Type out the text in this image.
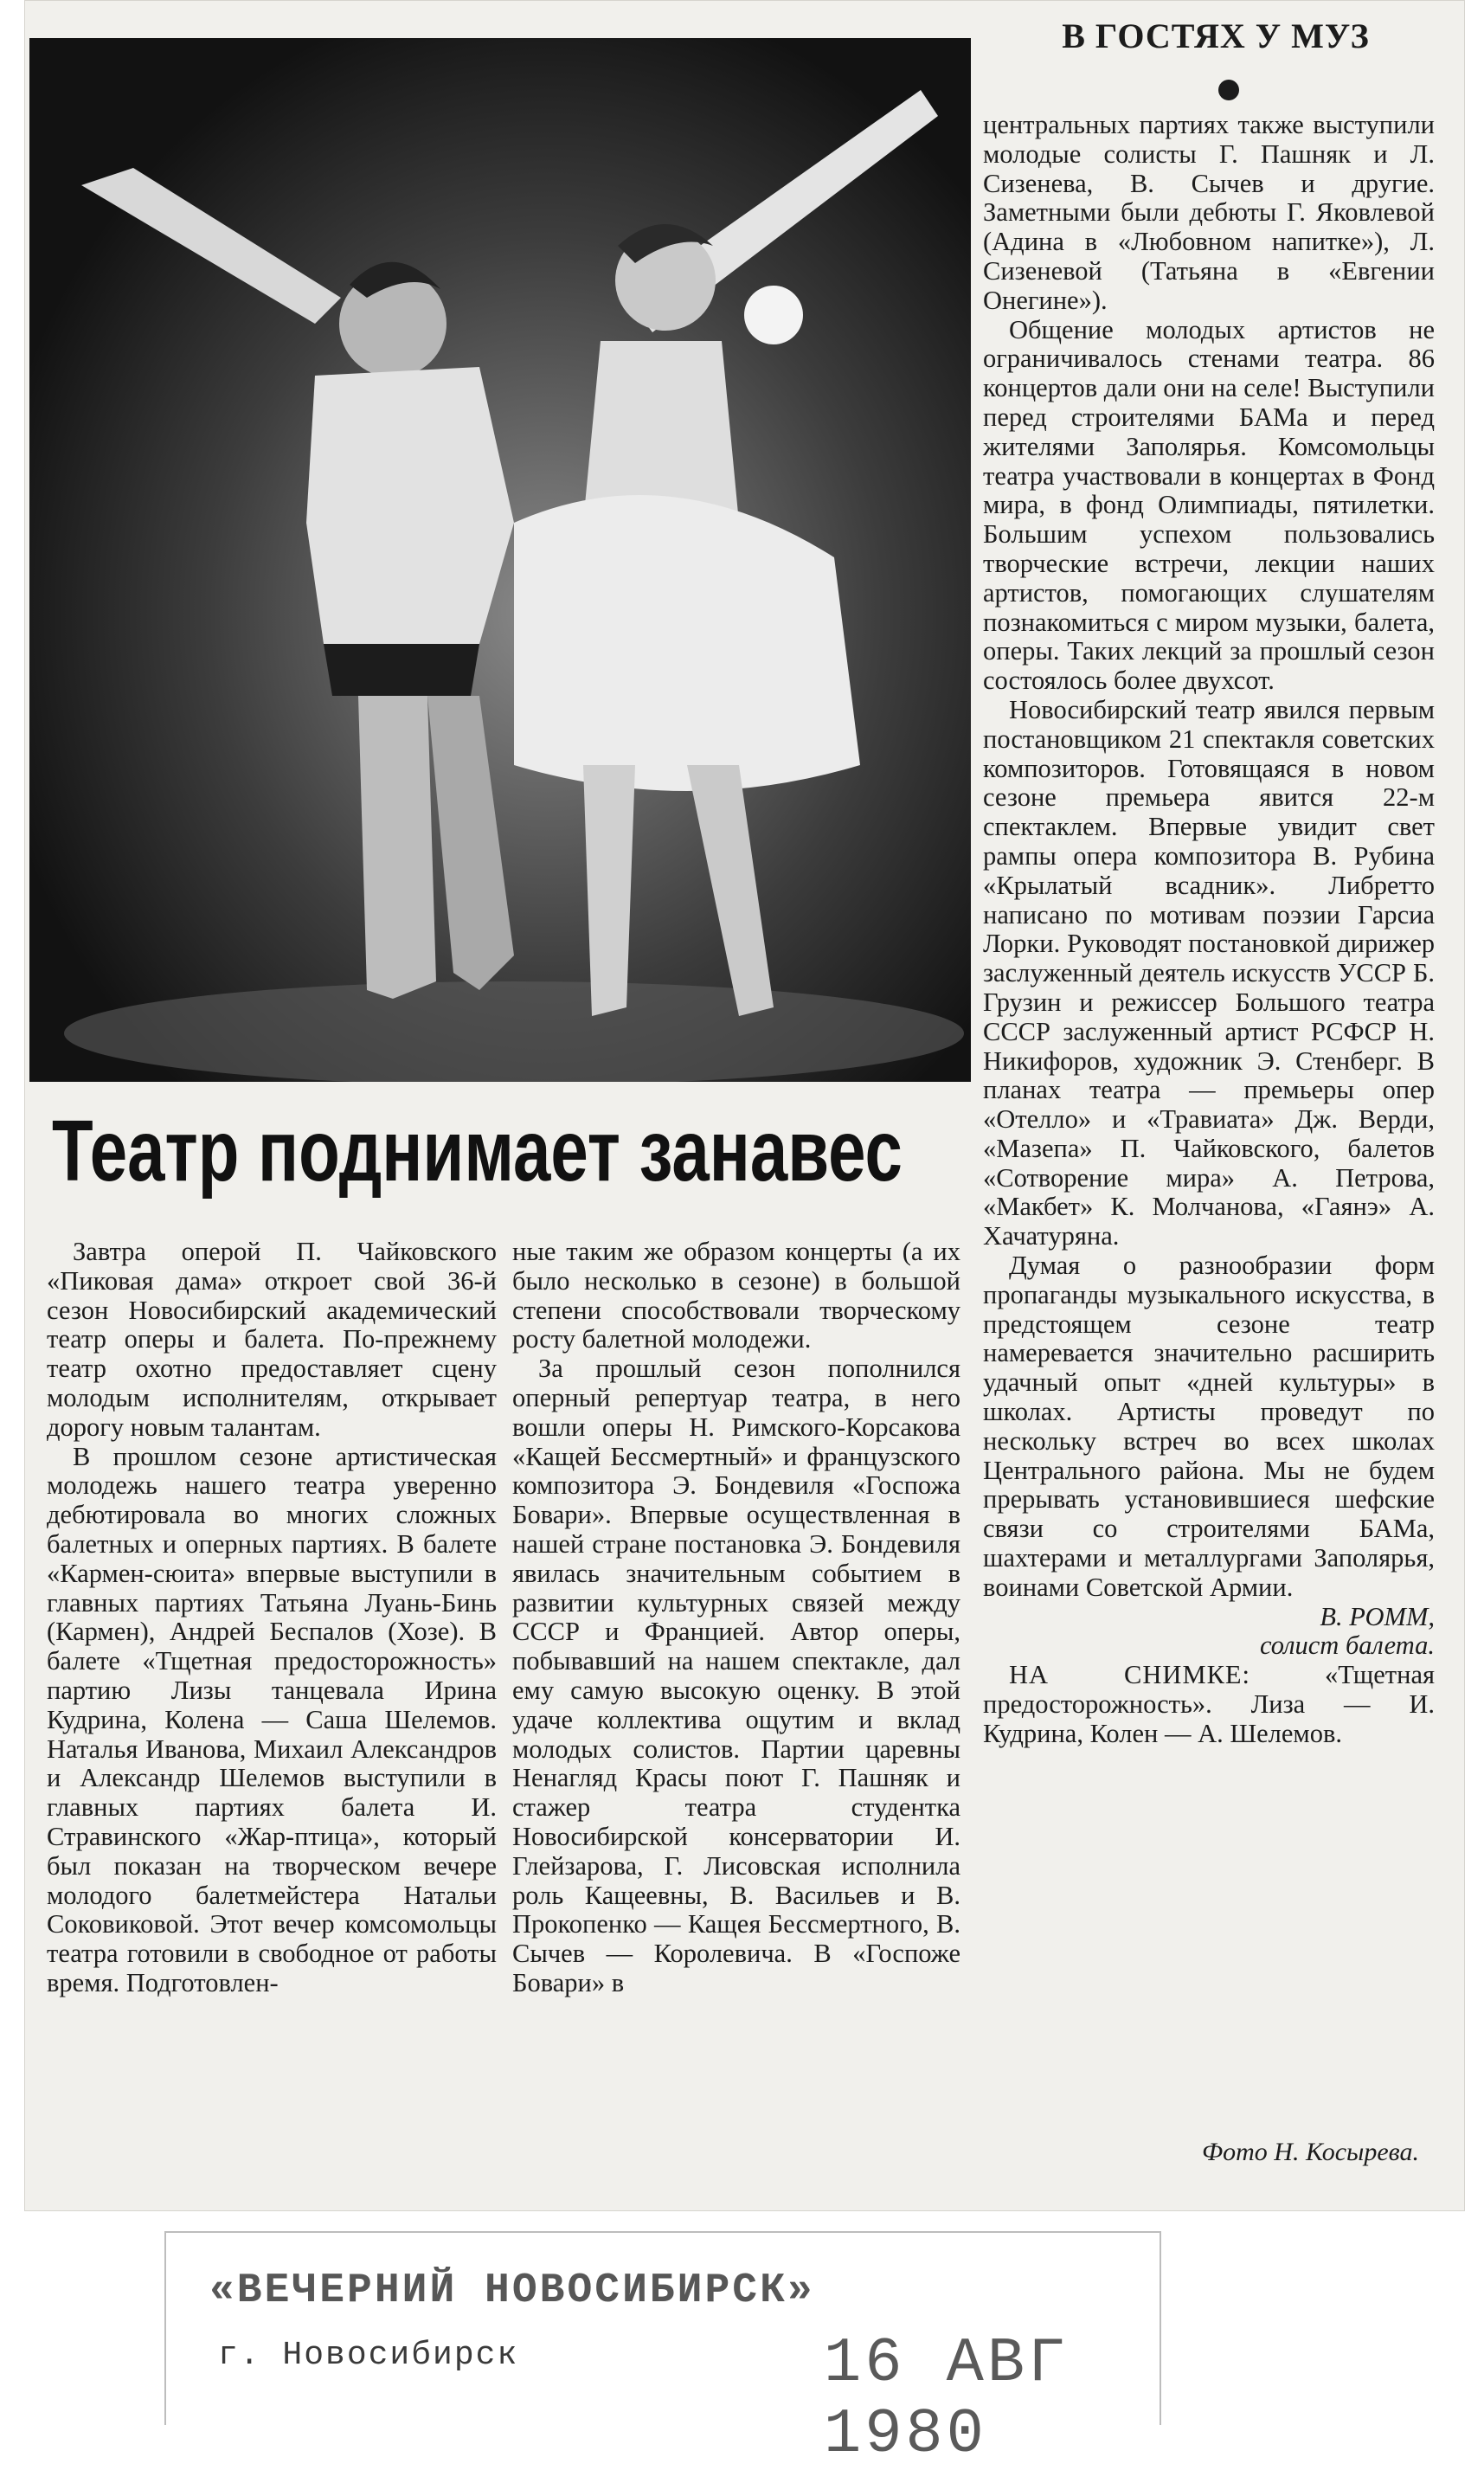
В ГОСТЯХ У МУЗ
Театр поднимает занавес

Завтра оперой П. Чайковского «Пиковая дама» откроет свой 36-й сезон Новосибирский академический театр оперы и балета. По-прежнему театр охотно предоставляет сцену молодым исполнителям, открывает дорогу новым талантам.

В прошлом сезоне артистическая молодежь нашего театра уверенно дебютировала во многих сложных балетных и оперных партиях. В балете «Кармен-сюита» впервые выступили в главных партиях Татьяна Луань-Бинь (Кармен), Андрей Беспалов (Хозе). В балете «Тщетная предосторожность» партию Лизы танцевала Ирина Кудрина, Колена — Саша Шелемов. Наталья Иванова, Михаил Александров и Александр Шелемов выступили в главных партиях балета И. Стравинского «Жар-птица», который был показан на творческом вечере молодого балетмейстера Натальи Соковиковой. Этот вечер комсомольцы театра готовили в свободное от работы время. Подготовлен-

ные таким же образом концерты (а их было несколько в сезоне) в большой степени способствовали творческому росту балетной молодежи.

За прошлый сезон пополнился оперный репертуар театра, в него вошли оперы Н. Римского-Корсакова «Кащей Бессмертный» и французского композитора Э. Бондевиля «Госпожа Бовари». Впервые осуществленная в нашей стране постановка Э. Бондевиля явилась значительным событием в развитии культурных связей между СССР и Францией. Автор оперы, побывавший на нашем спектакле, дал ему самую высокую оценку. В этой удаче коллектива ощутим и вклад молодых солистов. Партии царевны Ненагляд Красы поют Г. Пашняк и стажер театра студентка Новосибирской консерватории И. Глейзарова, Г. Лисовская исполнила роль Кащеевны, В. Васильев и В. Прокопенко — Кащея Бессмертного, В. Сычев — Королевича. В «Госпоже Бовари» в

центральных партиях также выступили молодые солисты Г. Пашняк и Л. Сизенева, В. Сычев и другие. Заметными были дебюты Г. Яковлевой (Адина в «Любовном напитке»), Л. Сизеневой (Татьяна в «Евгении Онегине»).

Общение молодых артистов не ограничивалось стенами театра. 86 концертов дали они на селе! Выступили перед строителями БАМа и перед жителями Заполярья. Комсомольцы театра участвовали в концертах в Фонд мира, в фонд Олимпиады, пятилетки. Большим успехом пользовались творческие встречи, лекции наших артистов, помогающих слушателям познакомиться с миром музыки, балета, оперы. Таких лекций за прошлый сезон состоялось более двухсот.

Новосибирский театр явился первым постановщиком 21 спектакля советских композиторов. Готовящаяся в новом сезоне премьера явится 22-м спектаклем. Впервые увидит свет рампы опера композитора В. Рубина «Крылатый всадник». Либретто написано по мотивам поэзии Гарсиа Лорки. Руководят постановкой дирижер заслуженный деятель искусств УССР Б. Грузин и режиссер Большого театра СССР заслуженный артист РСФСР Н. Никифоров, художник Э. Стенберг. В планах театра — премьеры опер «Отелло» и «Травиата» Дж. Верди, «Мазепа» П. Чайковского, балетов «Сотворение мира» А. Петрова, «Макбет» К. Молчанова, «Гаянэ» А. Хачатуряна.

Думая о разнообразии форм пропаганды музыкального искусства, в предстоящем сезоне театр намеревается значительно расширить удачный опыт «дней культуры» в школах. Артисты проведут по нескольку встреч во всех школах Центрального района. Мы не будем прерывать установившиеся шефские связи со строителями БАМа, шахтерами и металлургами Заполярья, воинами Советской Армии.

В. РОММ,

солист балета.

НА СНИМКЕ:	«Тщетная предосторожность». Лиза — И. Кудрина, Колен — А. Шелемов.

Фото Н. Косырева.
«ВЕЧЕРНИЙ НОВОСИБИРСК»
г. Новосибирск	16 АВГ 1980
